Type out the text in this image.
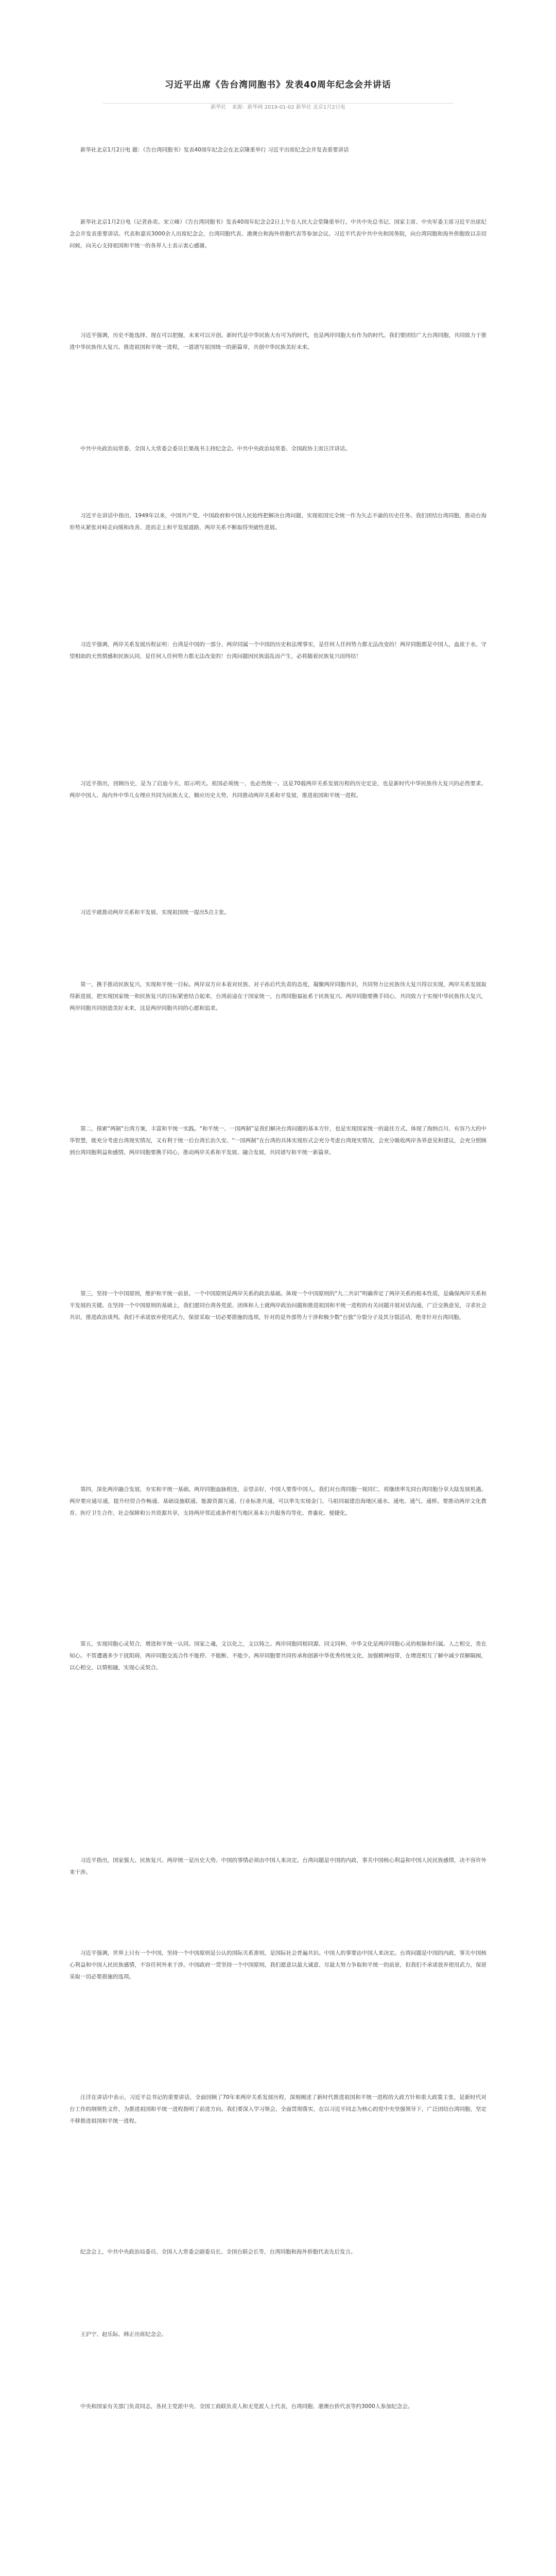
习近平出席《告台湾同胞书》发表40周年纪念会并讲话
新华社 来源：新华网 2019-01-02 新华社 北京1月2日电

新华社北京1月2日电 题：《告台湾同胞书》发表40周年纪念会在北京隆重举行 习近平出席纪念会并发表重要讲话

新华社北京1月2日电（记者孙奕、宋立峰）《告台湾同胞书》发表40周年纪念会2日上午在人民大会堂隆重举行。中共中央总书记、国家主席、中央军委主席习近平出席纪念会并发表重要讲话。代表和嘉宾3000余人出席纪念会，台湾同胞代表、港澳台和海外侨胞代表等参加会议。习近平代表中共中央和国务院，向台湾同胞和海外侨胞致以亲切问候，向关心支持祖国和平统一的各界人士表示衷心感谢。

习近平强调，历史不能选择，现在可以把握，未来可以开创。新时代是中华民族大有可为的时代，也是两岸同胞大有作为的时代。我们要团结广大台湾同胞，共同致力于推进中华民族伟大复兴、推进祖国和平统一进程，一道谱写祖国统一的新篇章，共创中华民族美好未来。

中共中央政治局常委、全国人大常委会委员长栗战书主持纪念会。中共中央政治局常委、全国政协主席汪洋讲话。

习近平在讲话中指出，1949年以来，中国共产党、中国政府和中国人民始终把解决台湾问题、实现祖国完全统一作为矢志不渝的历史任务。我们团结台湾同胞，推动台海形势从紧张对峙走向缓和改善、进而走上和平发展道路，两岸关系不断取得突破性进展。

习近平强调，两岸关系发展历程证明：台湾是中国的一部分、两岸同属一个中国的历史和法理事实，是任何人任何势力都无法改变的！两岸同胞都是中国人，血浓于水、守望相助的天然情感和民族认同，是任何人任何势力都无法改变的！台湾问题因民族弱乱而产生，必将随着民族复兴而终结！

习近平指出，回顾历史，是为了启迪今天、昭示明天。祖国必须统一，也必然统一。这是70载两岸关系发展历程的历史定论，也是新时代中华民族伟大复兴的必然要求。两岸中国人、海内外中华儿女理应共同为民族大义，顺应历史大势，共同推动两岸关系和平发展，推进祖国和平统一进程。

习近平就推动两岸关系和平发展、实现祖国统一提出5点主张。

第一，携手推动民族复兴，实现和平统一目标。两岸双方应本着对民族、对子孙后代负责的态度，凝聚两岸同胞共识，共同努力让民族伟大复兴得以实现，两岸关系发展取得新进展，把实现国家统一和民族复兴的目标紧密结合起来，台湾前途在于国家统一，台湾同胞福祉系于民族复兴。两岸同胞要携手同心，共同致力于实现中华民族伟大复兴，两岸同胞共同创造美好未来，这是两岸同胞共同的心愿和追求。

第二，探索“两制”台湾方案，丰富和平统一实践。“和平统一、一国两制”是我们解决台湾问题的基本方针，也是实现国家统一的最佳方式。体现了海纳百川、有容乃大的中华智慧，既充分考虑台湾现实情况，又有利于统一后台湾长治久安。“一国两制”在台湾的具体实现形式会充分考虑台湾现实情况，会充分吸收两岸各界意见和建议，会充分照顾到台湾同胞利益和感情。两岸同胞要携手同心，推动两岸关系和平发展、融合发展，共同谱写和平统一新篇章。

第三，坚持一个中国原则，维护和平统一前景。一个中国原则是两岸关系的政治基础。体现一个中国原则的“九二共识”明确界定了两岸关系的根本性质，是确保两岸关系和平发展的关键。在坚持一个中国原则的基础上，我们愿同台湾各党派、团体和人士就两岸政治问题和推进祖国和平统一进程的有关问题开展对话沟通，广泛交换意见，寻求社会共识，推进政治谈判。我们不承诺放弃使用武力，保留采取一切必要措施的选项，针对的是外部势力干涉和极少数“台独”分裂分子及其分裂活动，绝非针对台湾同胞。

第四，深化两岸融合发展，夯实和平统一基础。两岸同胞血脉相连，亲望亲好，中国人要帮中国人。我们对台湾同胞一视同仁，将继续率先同台湾同胞分享大陆发展机遇。两岸要应通尽通，提升经贸合作畅通、基础设施联通、能源资源互通、行业标准共通，可以率先实现金门、马祖同福建沿海地区通水、通电、通气、通桥。要推动两岸文化教育、医疗卫生合作，社会保障和公共资源共享，支持两岸邻近或条件相当地区基本公共服务均等化、普惠化、便捷化。

第五，实现同胞心灵契合，增进和平统一认同。国家之魂，文以化之，文以铸之。两岸同胞同根同源、同文同种，中华文化是两岸同胞心灵的根脉和归属。人之相交，贵在知心。不管遭遇多少干扰阻碍，两岸同胞交流合作不能停、不能断、不能少。两岸同胞要共同传承和创新中华优秀传统文化，加强精神纽带，在增进相互了解中减少误解隔阂，以心相交、以情相融，实现心灵契合。

习近平指出，国家强大、民族复兴、两岸统一是历史大势。中国的事情必须由中国人来决定。台湾问题是中国的内政，事关中国核心利益和中国人民民族感情，决不容许外来干涉。

习近平强调，世界上只有一个中国，坚持一个中国原则是公认的国际关系准则，是国际社会普遍共识。中国人的事要由中国人来决定。台湾问题是中国的内政，事关中国核心利益和中国人民民族感情，不容任何外来干涉。中国政府一贯坚持一个中国原则，我们愿意以最大诚意、尽最大努力争取和平统一的前景，但我们不承诺放弃使用武力，保留采取一切必要措施的选项。

汪洋在讲话中表示，习近平总书记的重要讲话，全面回顾了70年来两岸关系发展历程，深刻阐述了新时代推进祖国和平统一进程的大政方针和重大政策主张，是新时代对台工作的纲领性文件，为推进祖国和平统一进程指明了前进方向。我们要深入学习领会，全面贯彻落实，在以习近平同志为核心的党中央坚强领导下，广泛团结台湾同胞，坚定不移推进祖国和平统一进程。

纪念会上，中共中央政治局委员、全国人大常委会副委员长、全国台联会长等，台湾同胞和海外侨胞代表先后发言。

王沪宁、赵乐际、韩正出席纪念会。

中央和国家有关部门负责同志，各民主党派中央、全国工商联负责人和无党派人士代表，台湾同胞、港澳台侨代表等约3000人参加纪念会。
